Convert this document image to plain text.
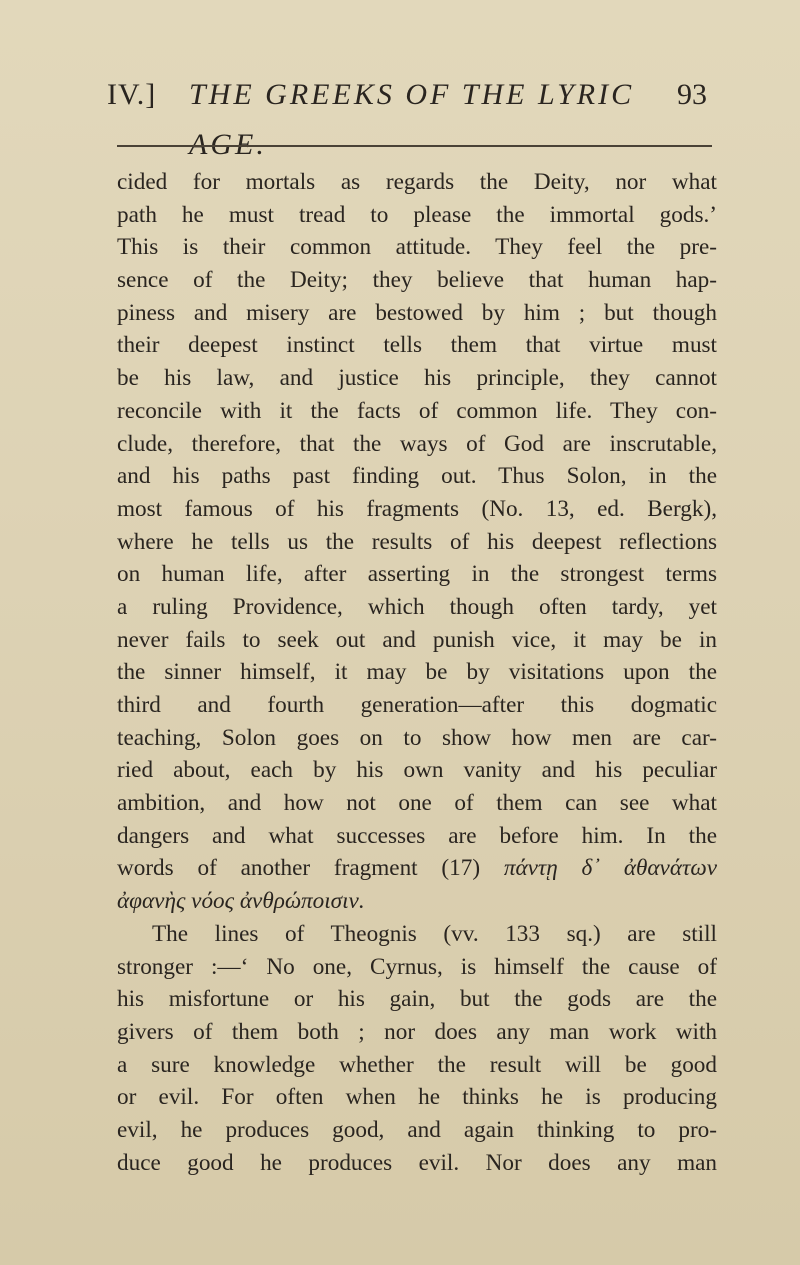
IV.] THE GREEKS OF THE LYRIC AGE.
93
cided for mortals as regards the Deity, nor what
path he must tread to please the immortal gods.’
This is their common attitude. They feel the pre-
sence of the Deity; they believe that human hap-
piness and misery are bestowed by him ; but though
their deepest instinct tells them that virtue must
be his law, and justice his principle, they cannot
reconcile with it the facts of common life. They con-
clude, therefore, that the ways of God are inscrutable,
and his paths past finding out. Thus Solon, in the
most famous of his fragments (No. 13, ed. Bergk),
where he tells us the results of his deepest reflections
on human life, after asserting in the strongest terms
a ruling Providence, which though often tardy, yet
never fails to seek out and punish vice, it may be in
the sinner himself, it may be by visitations upon the
third and fourth generation—after this dogmatic
teaching, Solon goes on to show how men are car-
ried about, each by his own vanity and his peculiar
ambition, and how not one of them can see what
dangers and what successes are before him. In the
words of another fragment (17) πάντῃ δ᾽ ἀθανάτων
ἀφανὴς νόος ἀνθρώποισιν.
The lines of Theognis (vv. 133 sq.) are still
stronger :—‘ No one, Cyrnus, is himself the cause of
his misfortune or his gain, but the gods are the
givers of them both ; nor does any man work with
a sure knowledge whether the result will be good
or evil. For often when he thinks he is producing
evil, he produces good, and again thinking to pro-
duce good he produces evil. Nor does any man
